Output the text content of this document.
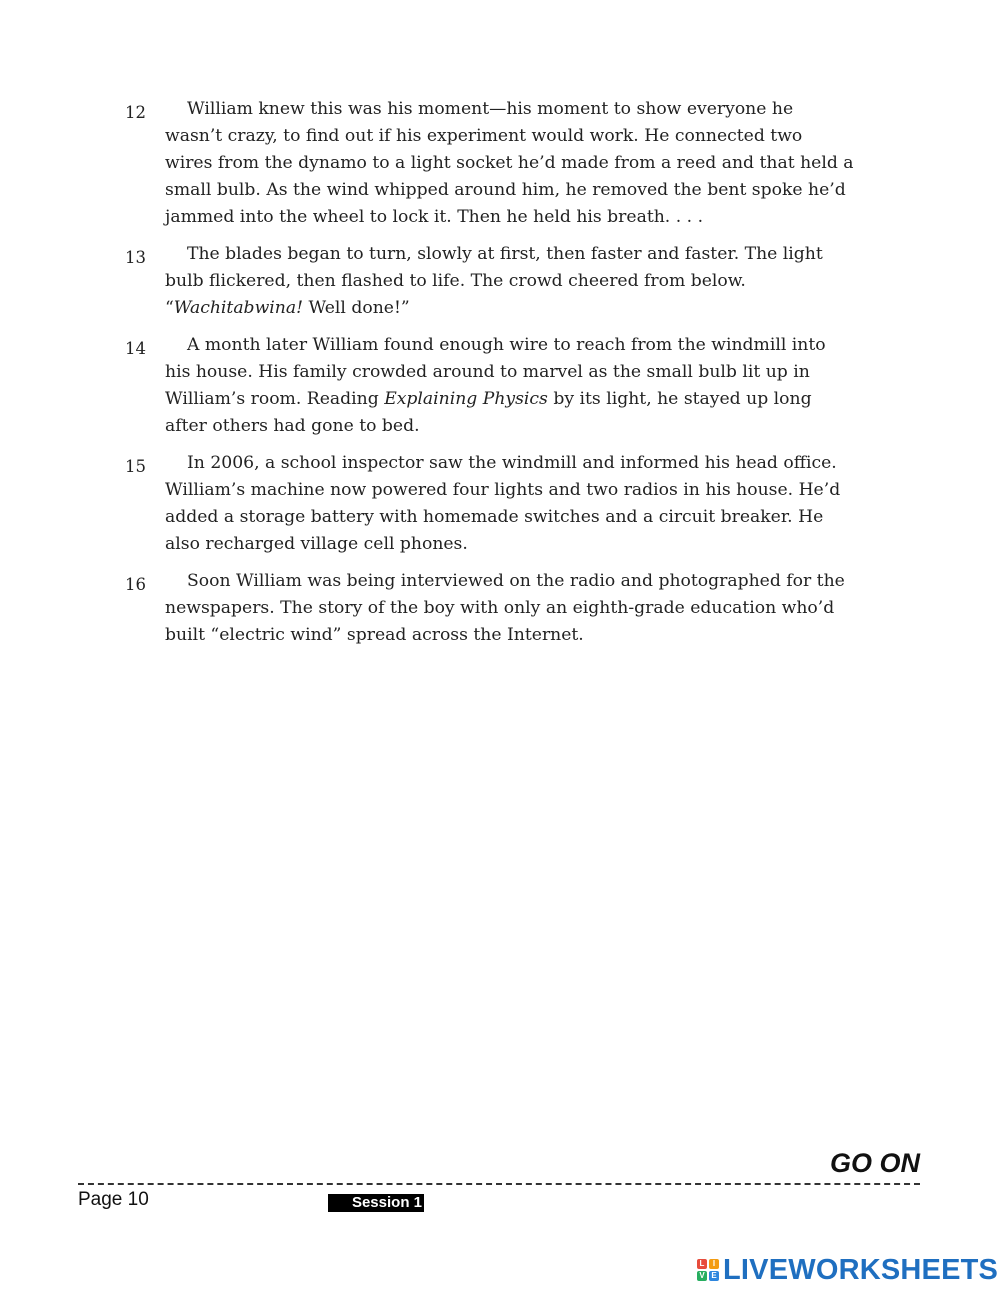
12	William knew this was his moment—his moment to show everyone he wasn’t crazy, to find out if his experiment would work. He connected two wires from the dynamo to a light socket he’d made from a reed and that held a small bulb. As the wind whipped around him, he removed the bent spoke he’d jammed into the wheel to lock it. Then he held his breath. . . .
13	The blades began to turn, slowly at first, then faster and faster. The light bulb flickered, then flashed to life. The crowd cheered from below. “Wachitabwina! Well done!”
14	A month later William found enough wire to reach from the windmill into his house. His family crowded around to marvel as the small bulb lit up in William’s room. Reading Explaining Physics by its light, he stayed up long after others had gone to bed.
15	In 2006, a school inspector saw the windmill and informed his head office. William’s machine now powered four lights and two radios in his house. He’d added a storage battery with homemade switches and a circuit breaker. He also recharged village cell phones.
16	Soon William was being interviewed on the radio and photographed for the newspapers. The story of the boy with only an eighth-grade education who’d built “electric wind” spread across the Internet.
GO ON
Page 10	Session 1
L	I
V E LIVEWORKSHEETS
